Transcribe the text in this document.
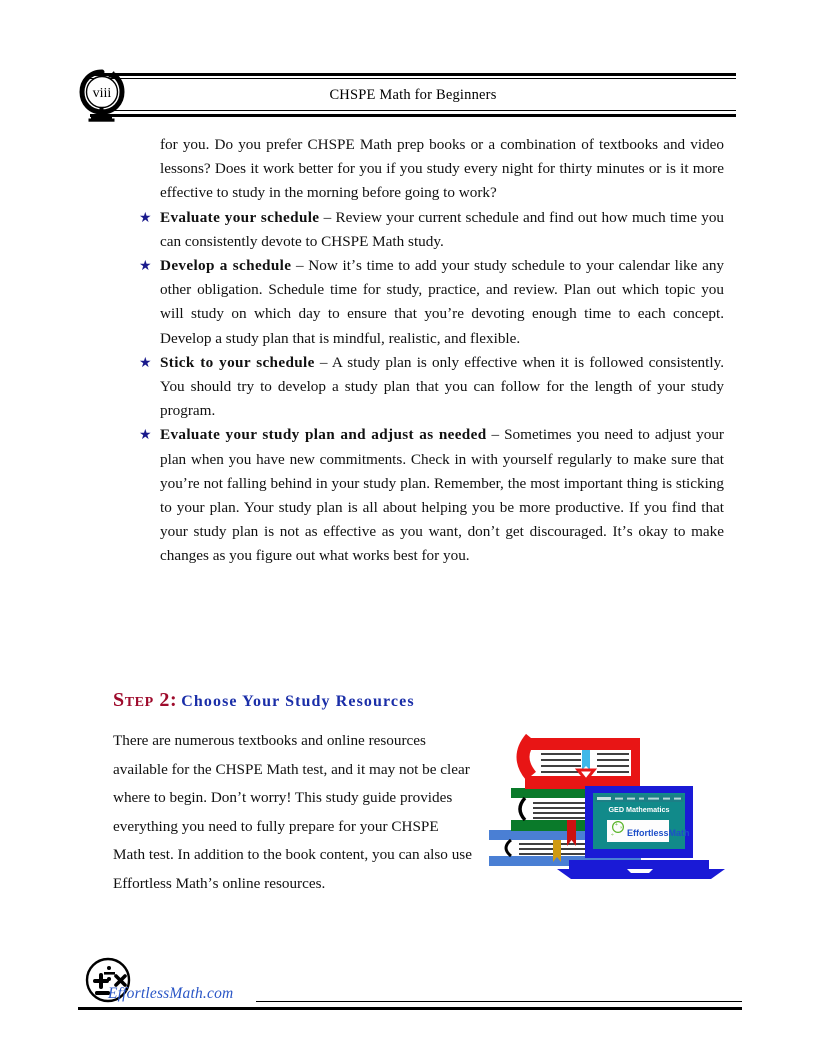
CHSPE Math for Beginners
viii

for you. Do you prefer CHSPE Math prep books or a combination of textbooks and video lessons? Does it work better for you if you study every night for thirty minutes or is it more effective to study in the morning before going to work?

★ Evaluate your schedule – Review your current schedule and find out how much time you can consistently devote to CHSPE Math study.
★ Develop a schedule – Now itʼs time to add your study schedule to your calendar like any other obligation. Schedule time for study, practice, and review. Plan out which topic you will study on which day to ensure that youʼre devoting enough time to each concept. Develop a study plan that is mindful, realistic, and flexible.
★ Stick to your schedule – A study plan is only effective when it is followed consistently. You should try to develop a study plan that you can follow for the length of your study program.
★ Evaluate your study plan and adjust as needed – Sometimes you need to adjust your plan when you have new commitments. Check in with yourself regularly to make sure that youʼre not falling behind in your study plan. Remember, the most important thing is sticking to your plan. Your study plan is all about helping you be more productive. If you find that your study plan is not as effective as you want, donʼt get discouraged. Itʼs okay to make changes as you figure out what works best for you.
Step 2: Choose Your Study Resources
There are numerous textbooks and online resources available for the CHSPE Math test, and it may not be clear where to begin. Donʼt worry! This study guide provides everything you need to fully prepare for your CHSPE Math test. In addition to the book content, you can also use Effortless Mathʼs online resources.
GED Mathematics
+ ×
÷ EffortlessMath
EffortlessMath.com
